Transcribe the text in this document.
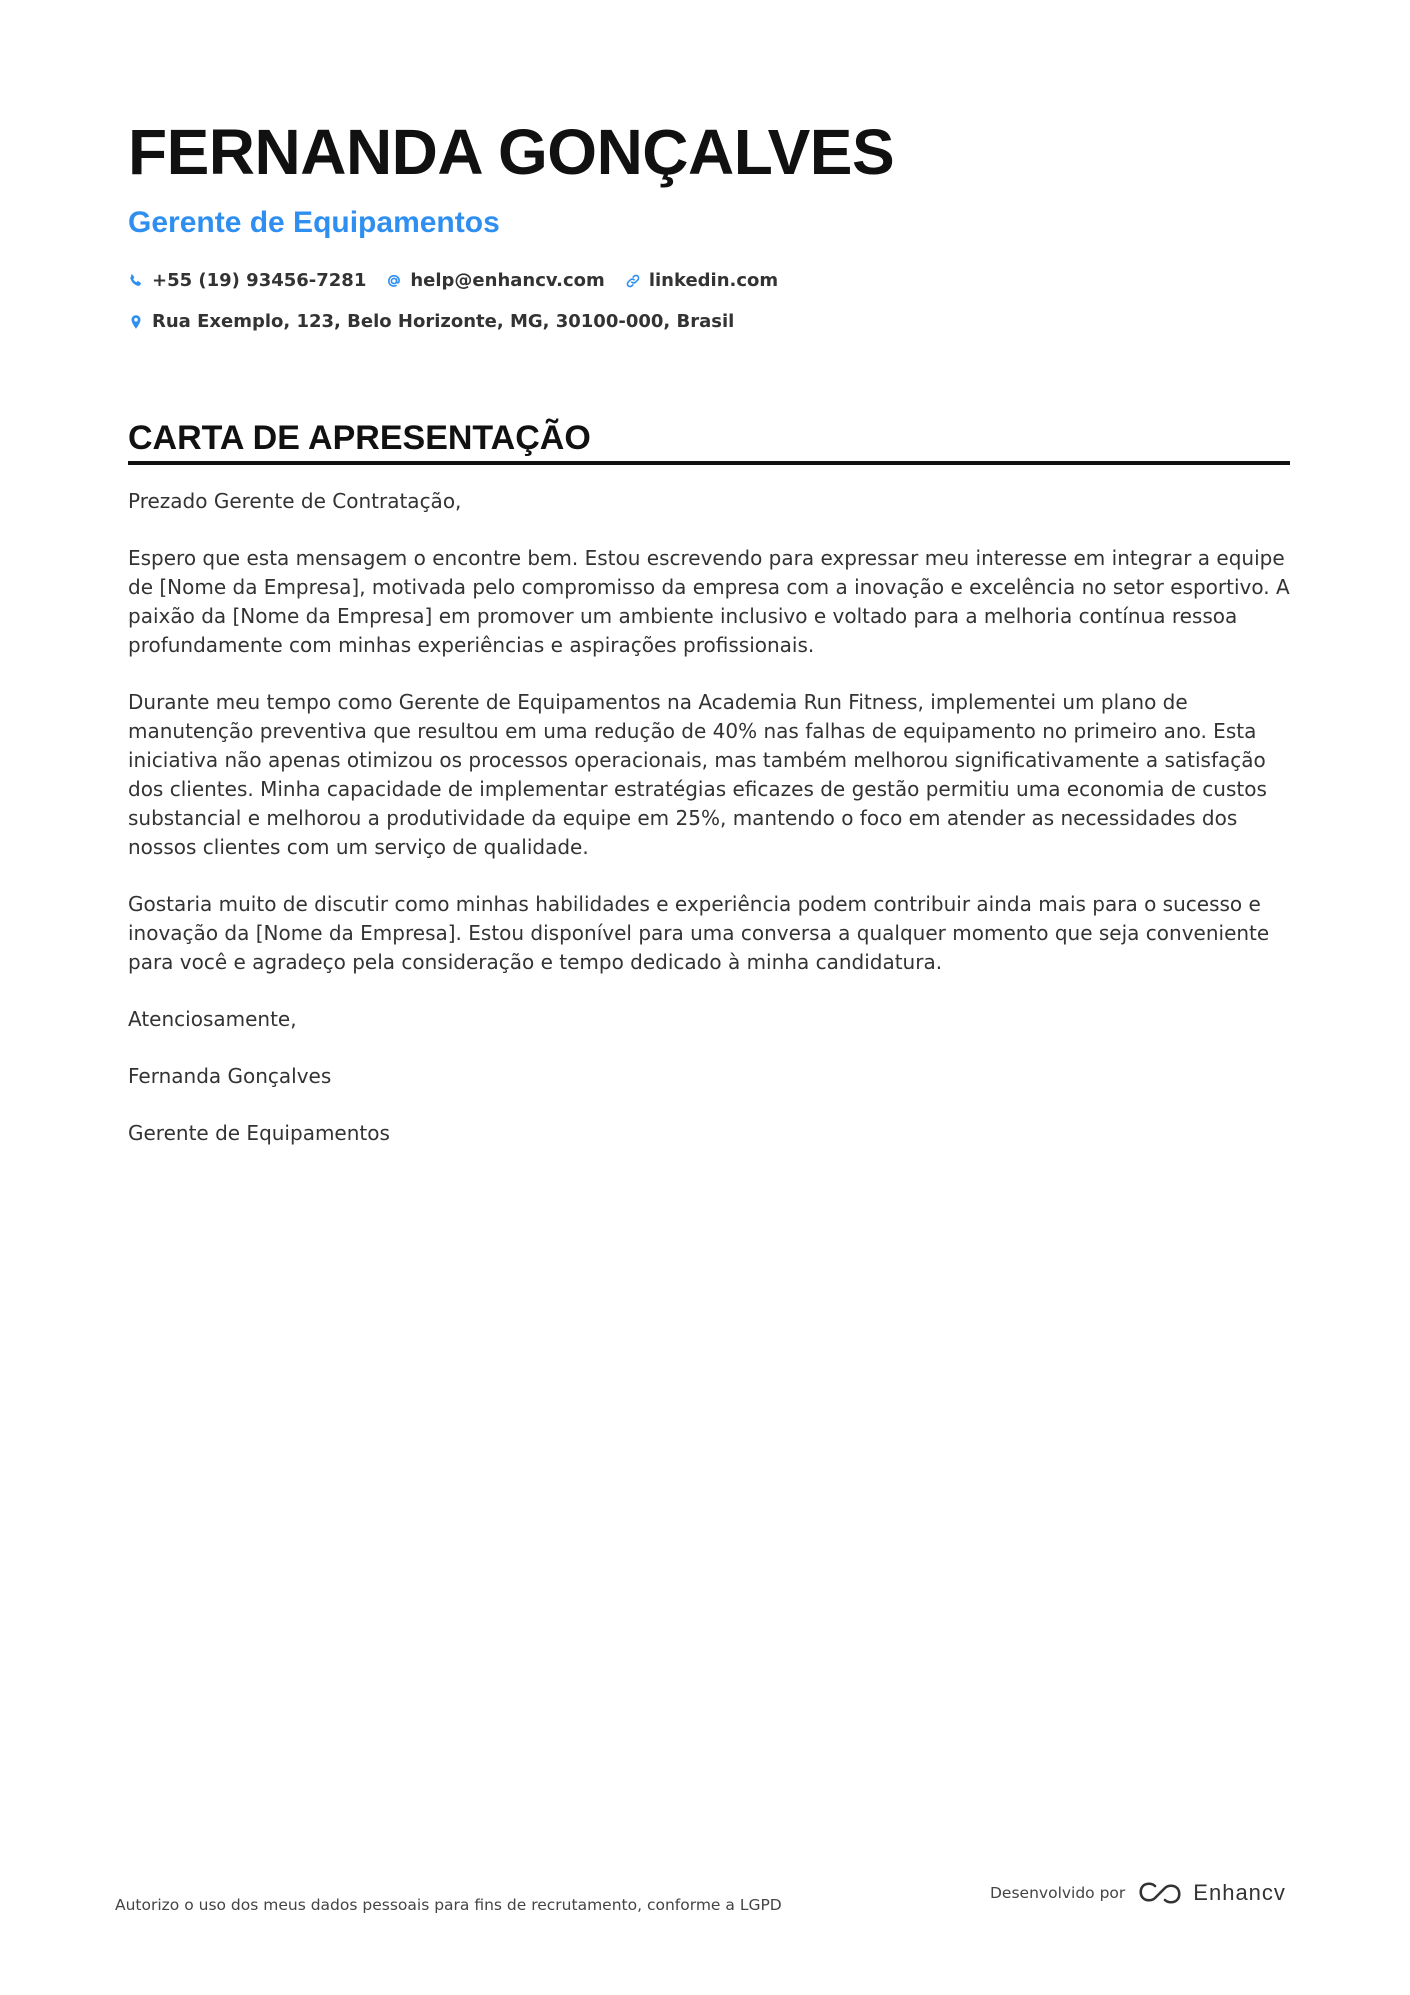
FERNANDA GONÇALVES
Gerente de Equipamentos
+55 (19) 93456-7281 help@enhancv.com linkedin.com
Rua Exemplo, 123, Belo Horizonte, MG, 30100-000, Brasil
CARTA DE APRESENTAÇÃO

Prezado Gerente de Contratação,

Espero que esta mensagem o encontre bem. Estou escrevendo para expressar meu interesse em integrar a equipe de [Nome da Empresa], motivada pelo compromisso da empresa com a inovação e excelência no setor esportivo. A paixão da [Nome da Empresa] em promover um ambiente inclusivo e voltado para a melhoria contínua ressoa profundamente com minhas experiências e aspirações profissionais.

Durante meu tempo como Gerente de Equipamentos na Academia Run Fitness, implementei um plano de manutenção preventiva que resultou em uma redução de 40% nas falhas de equipamento no primeiro ano. Esta iniciativa não apenas otimizou os processos operacionais, mas também melhorou significativamente a satisfação dos clientes. Minha capacidade de implementar estratégias eficazes de gestão permitiu uma economia de custos substancial e melhorou a produtividade da equipe em 25%, mantendo o foco em atender as necessidades dos nossos clientes com um serviço de qualidade.

Gostaria muito de discutir como minhas habilidades e experiência podem contribuir ainda mais para o sucesso e inovação da [Nome da Empresa]. Estou disponível para uma conversa a qualquer momento que seja conveniente para você e agradeço pela consideração e tempo dedicado à minha candidatura.

Atenciosamente,

Fernanda Gonçalves

Gerente de Equipamentos

Autorizo o uso dos meus dados pessoais para fins de recrutamento, conforme a LGPD
Desenvolvido por	Enhancv
